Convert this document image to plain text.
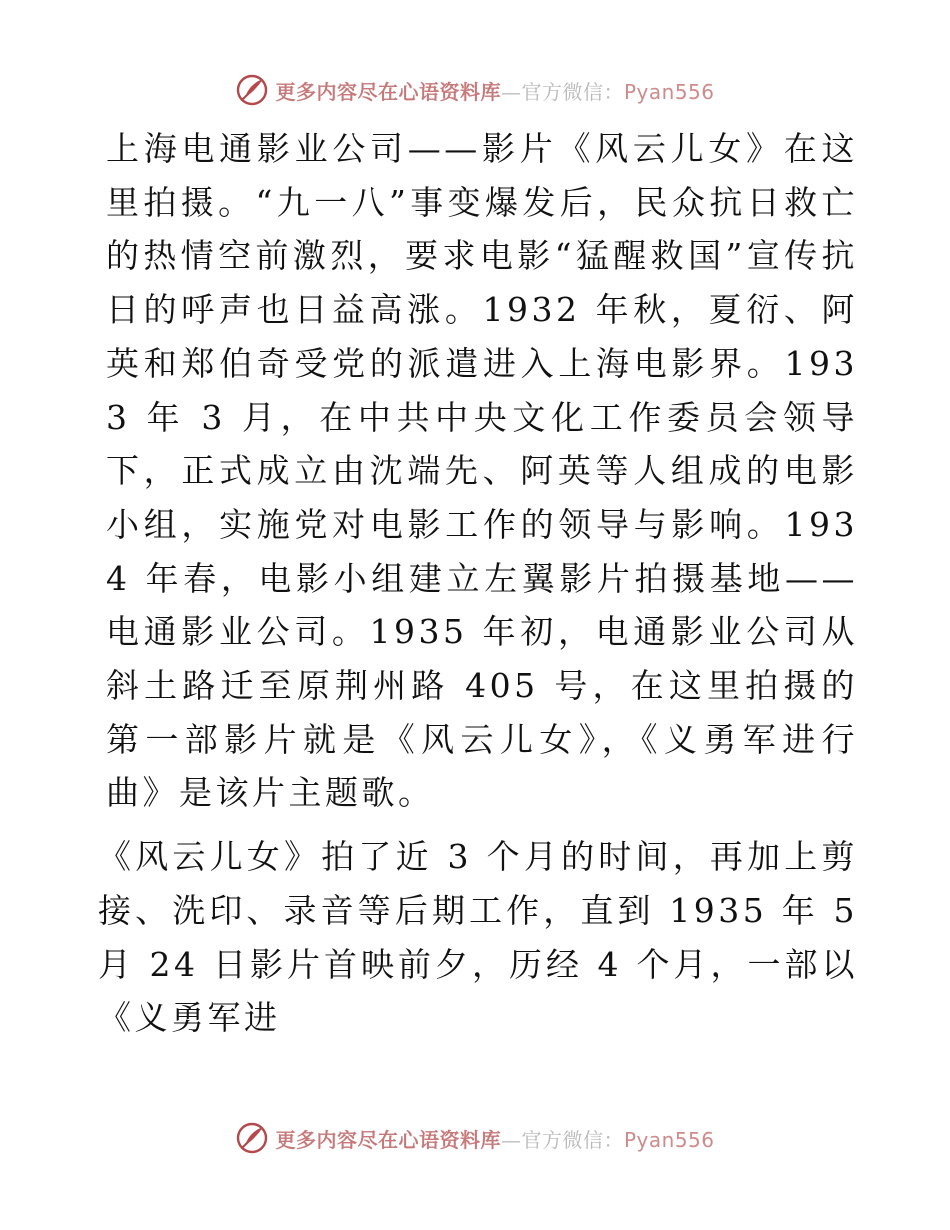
更多内容尽在心语资料库—官方微信：Pyan556

上海电通影业公司——影片《风云儿女》在这里拍摄。“九一八”事变爆发后，民众抗日救亡的热情空前激烈，要求电影“猛醒救国”宣传抗日的呼声也日益高涨。1932 年秋，夏衍、阿英和郑伯奇受党的派遣进入上海电影界。1933 年 3 月，在中共中央文化工作委员会领导下，正式成立由沈端先、阿英等人组成的电影小组，实施党对电影工作的领导与影响。1934 年春，电影小组建立左翼影片拍摄基地——电通影业公司。1935 年初，电通影业公司从斜土路迁至原荆州路 405 号，在这里拍摄的第一部影片就是《风云儿女》，《义勇军进行曲》是该片主题歌。

《风云儿女》拍了近 3 个月的时间，再加上剪接、洗印、录音等后期工作，直到 1935 年 5 月 24 日影片首映前夕，历经 4 个月，一部以《义勇军进

更多内容尽在心语资料库—官方微信：Pyan556
